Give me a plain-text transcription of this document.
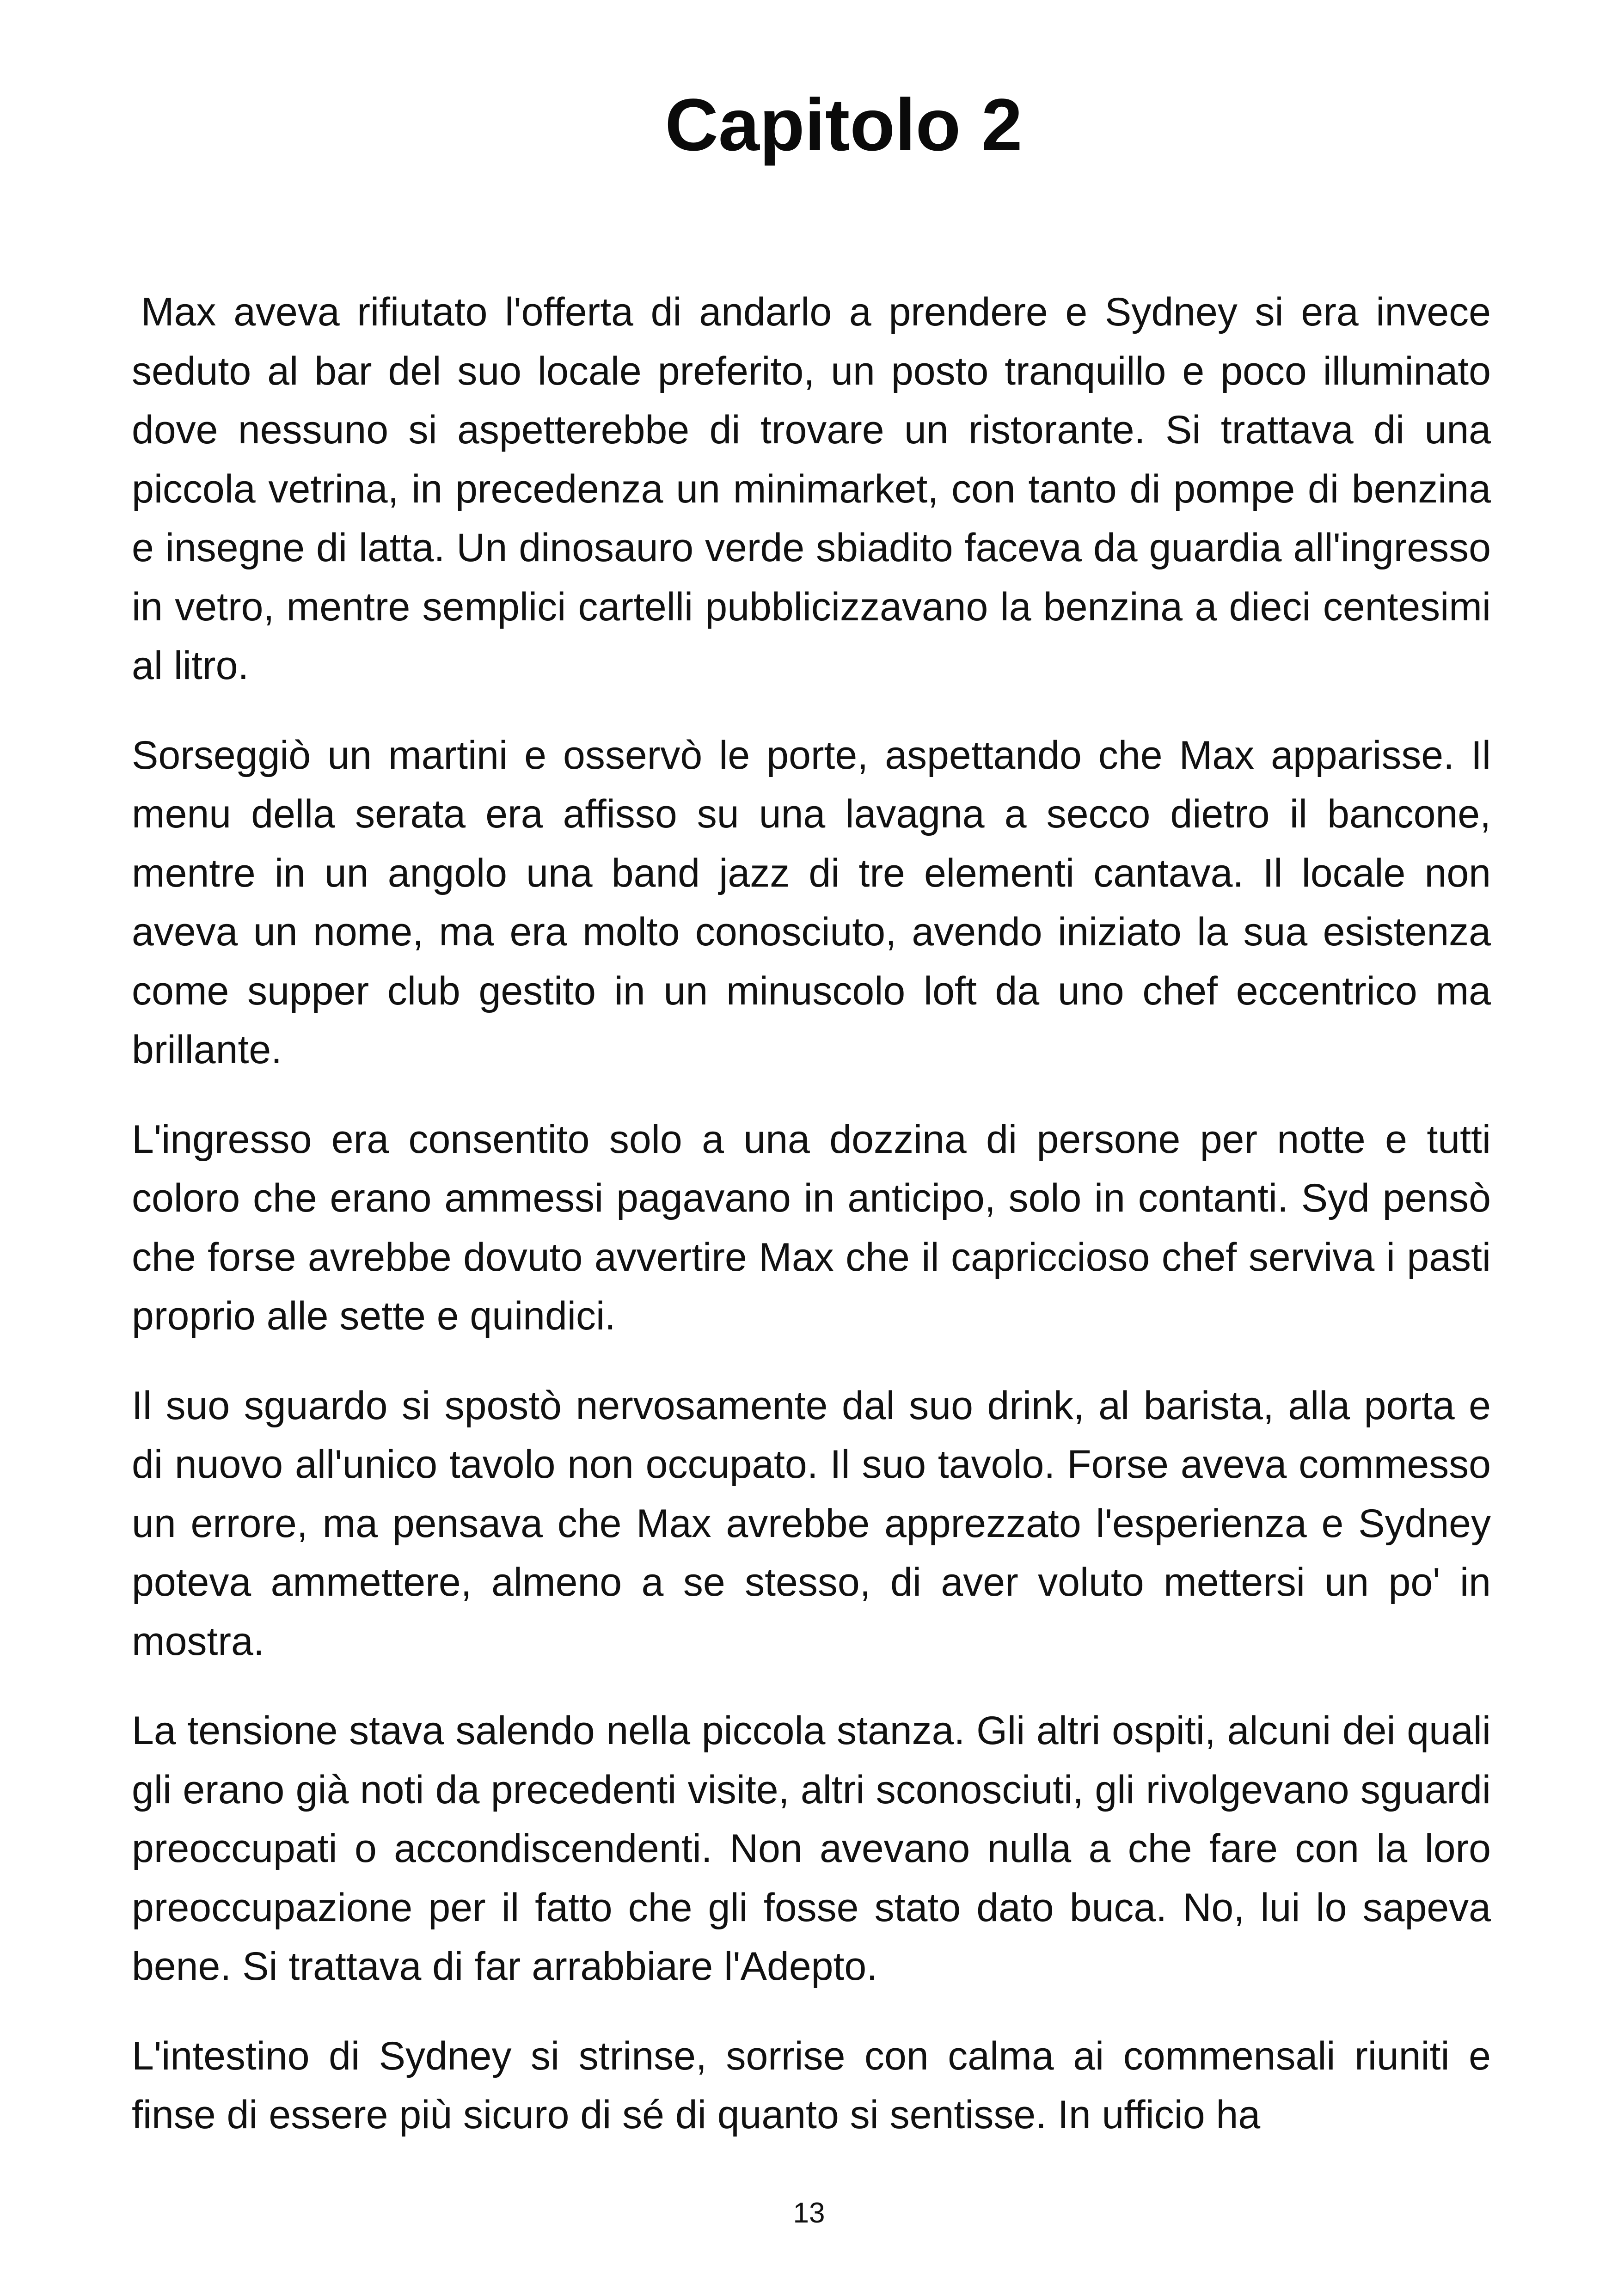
Capitolo 2

Max aveva rifiutato l'offerta di andarlo a prendere e Sydney si era invece seduto al bar del suo locale preferito, un posto tranquillo e poco illuminato dove nessuno si aspetterebbe di trovare un ristorante. Si trattava di una piccola vetrina, in precedenza un minimarket, con tanto di pompe di benzina e insegne di latta. Un dinosauro verde sbiadito faceva da guardia all'ingresso in vetro, mentre semplici cartelli pubblicizzavano la benzina a dieci centesimi al litro.

Sorseggiò un martini e osservò le porte, aspettando che Max apparisse. Il menu della serata era affisso su una lavagna a secco dietro il bancone, mentre in un angolo una band jazz di tre elementi cantava. Il locale non aveva un nome, ma era molto conosciuto, avendo iniziato la sua esistenza come supper club gestito in un minuscolo loft da uno chef eccentrico ma brillante.

L'ingresso era consentito solo a una dozzina di persone per notte e tutti coloro che erano ammessi pagavano in anticipo, solo in contanti. Syd pensò che forse avrebbe dovuto avvertire Max che il capriccioso chef serviva i pasti proprio alle sette e quindici.

Il suo sguardo si spostò nervosamente dal suo drink, al barista, alla porta e di nuovo all'unico tavolo non occupato. Il suo tavolo. Forse aveva commesso un errore, ma pensava che Max avrebbe apprezzato l'esperienza e Sydney poteva ammettere, almeno a se stesso, di aver voluto mettersi un po' in mostra.

La tensione stava salendo nella piccola stanza. Gli altri ospiti, alcuni dei quali gli erano già noti da precedenti visite, altri sconosciuti, gli rivolgevano sguardi preoccupati o accondiscendenti. Non avevano nulla a che fare con la loro preoccupazione per il fatto che gli fosse stato dato buca. No, lui lo sapeva bene. Si trattava di far arrabbiare l'Adepto.

L'intestino di Sydney si strinse, sorrise con calma ai commensali riuniti e finse di essere più sicuro di sé di quanto si sentisse. In ufficio ha

13
